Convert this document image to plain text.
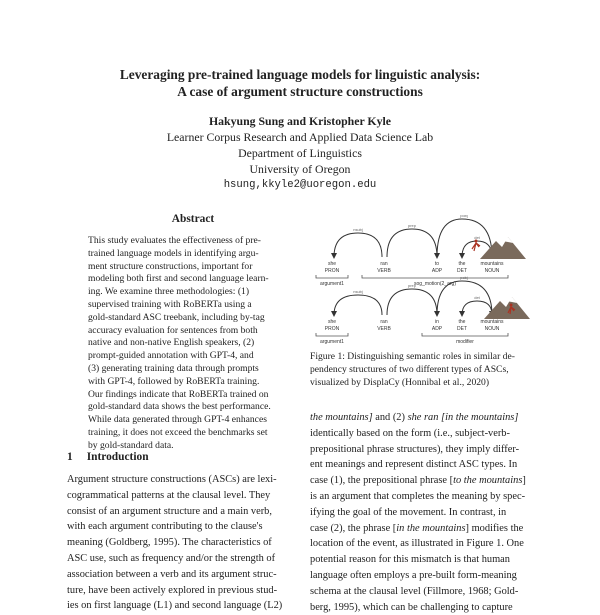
Leveraging pre-trained language models for linguistic analysis:
A case of argument structure constructions
Hakyung Sung and Kristopher Kyle
Learner Corpus Research and Applied Data Science Lab
Department of Linguistics
University of Oregon
hsung,kkyle2@uoregon.edu
Abstract
This study evaluates the effectiveness of pre-
trained language models in identifying argu-
ment structure constructions, important for
modeling both first and second language learn-
ing. We examine three methodologies: (1)
supervised training with RoBERTa using a
gold-standard ASC treebank, including by-tag
accuracy evaluation for sentences from both
native and non-native English speakers, (2)
prompt-guided annotation with GPT-4, and
(3) generating training data through prompts
with GPT-4, followed by RoBERTa training.
Our findings indicate that RoBERTa trained on
gold-standard data shows the best performance.
While data generated through GPT-4 enhances
training, it does not exceed the benchmarks set
by gold-standard data.
1 Introduction
Argument structure constructions (ASCs) are lexi-
cogrammatical patterns at the clausal level. They
consist of an argument structure and a main verb,
with each argument contributing to the clause's
meaning (Goldberg, 1995). The characteristics of
ASC use, such as frequency and/or the strength of
association between a verb and its argument struc-
ture, have been actively explored in previous stud-
ies on first language (L1) and second language (L2)
nsubj
prep
det
pobj
she	ran	to	the	mountains
PRON	VERB	ADP	DET	NOUN
argument1	sog_motion(2_arg)
nsubj
prep
det
pobj
she	ran	in	the	mountains
PRON	VERB	ADP	DET	NOUN
argument1	modifier
Figure 1: Distinguishing semantic roles in similar de-
pendency structures of two different types of ASCs,
visualized by DisplaCy (Honnibal et al., 2020)
the mountains] and (2) she ran [in the mountains]
identically based on the form (i.e., subject-verb-
prepositional phrase structures), they imply differ-
ent meanings and represent distinct ASC types. In
case (1), the prepositional phrase [to the mountains]
is an argument that completes the meaning by spec-
ifying the goal of the movement. In contrast, in
case (2), the phrase [in the mountains] modifies the
location of the event, as illustrated in Figure 1. One
potential reason for this mismatch is that human
language often employs a pre-built form-meaning
schema at the clausal level (Fillmore, 1968; Gold-
berg, 1995), which can be challenging to capture
